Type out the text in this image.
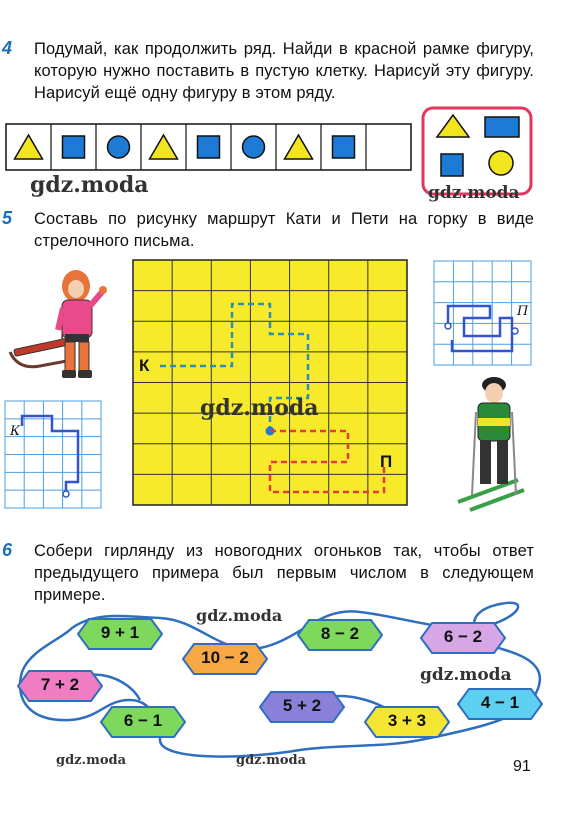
4 Подумай, как продолжить ряд. Найди в красной рамке фигуру, которую нужно поставить в пустую клетку. Нарисуй эту фигуру. Нарисуй ещё одну фигуру в этом ряду.
5 Составь по рисунку маршрут Кати и Пети на горку в виде стрелочного письма.
К
П
К
П
6 Собери гирлянду из новогодних огоньков так, чтобы ответ предыдущего примера был первым числом в следующем примере.
9 + 1
10 − 2
8 − 2	6 − 2
7 + 2
6 − 1
5 + 2
3 + 3
4 − 1
gdz.moda	gdz.moda
gdz.moda
gdz.moda
gdz.moda
gdz.moda	gdz.moda	91
